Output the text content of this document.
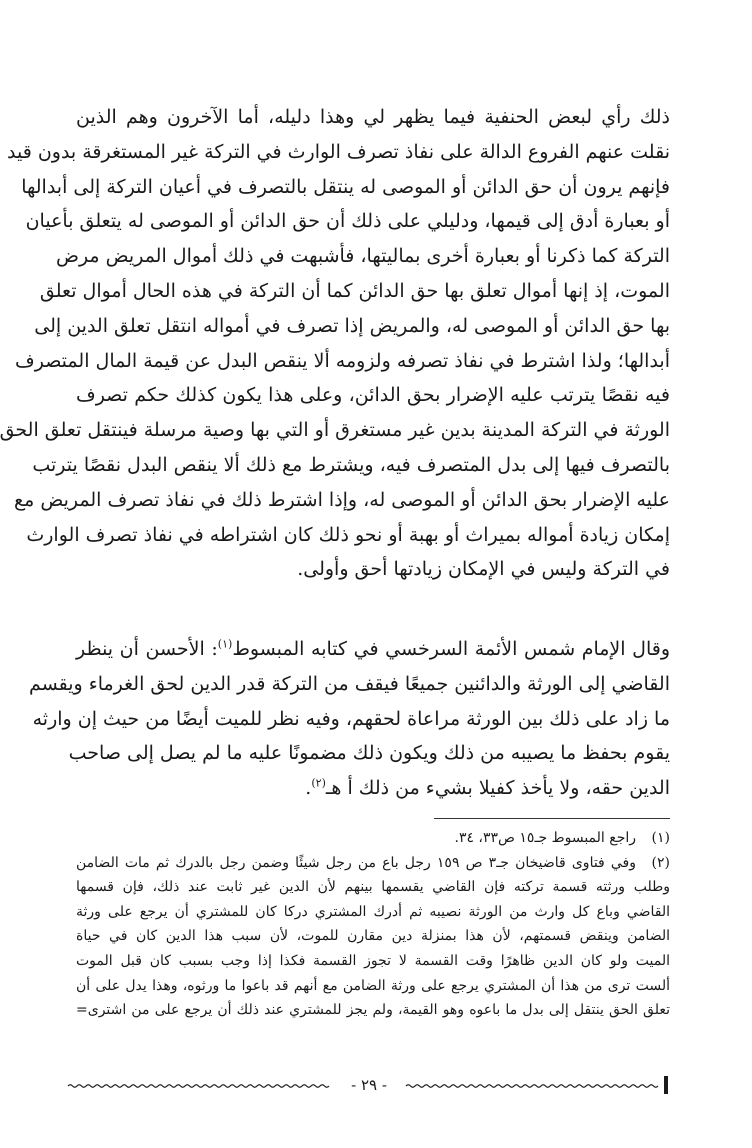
ذلك رأي لبعض الحنفية فيما يظهر لي وهذا دليله، أما الآخرون وهم الذين
نقلت عنهم الفروع الدالة على نفاذ تصرف الوارث في التركة غير المستغرقة بدون قيد
فإنهم يرون أن حق الدائن أو الموصى له ينتقل بالتصرف في أعيان التركة إلى أبدالها
أو بعبارة أدق إلى قيمها، ودليلي على ذلك أن حق الدائن أو الموصى له يتعلق بأعيان
التركة كما ذكرنا أو بعبارة أخرى بماليتها، فأشبهت في ذلك أموال المريض مرض
الموت، إذ إنها أموال تعلق بها حق الدائن كما أن التركة في هذه الحال أموال تعلق
بها حق الدائن أو الموصى له، والمريض إذا تصرف في أمواله انتقل تعلق الدين إلى
أبدالها؛ ولذا اشترط في نفاذ تصرفه ولزومه ألا ينقص البدل عن قيمة المال المتصرف
فيه نقصًا يترتب عليه الإضرار بحق الدائن، وعلى هذا يكون كذلك حكم تصرف
الورثة في التركة المدينة بدين غير مستغرق أو التي بها وصية مرسلة فينتقل تعلق الحق
بالتصرف فيها إلى بدل المتصرف فيه، ويشترط مع ذلك ألا ينقص البدل نقصًا يترتب
عليه الإضرار بحق الدائن أو الموصى له، وإذا اشترط ذلك في نفاذ تصرف المريض مع
إمكان زيادة أمواله بميراث أو بهبة أو نحو ذلك كان اشتراطه في نفاذ تصرف الوارث
في التركة وليس في الإمكان زيادتها أحق وأولى.
وقال الإمام شمس الأئمة السرخسي في كتابه المبسوط$^{(١)}$: الأحسن أن ينظر
القاضي إلى الورثة والدائنين جميعًا فيقف من التركة قدر الدين لحق الغرماء ويقسم
ما زاد على ذلك بين الورثة مراعاة لحقهم، وفيه نظر للميت أيضًا من حيث إن وارثه
يقوم بحفظ ما يصيبه من ذلك ويكون ذلك مضمونًا عليه ما لم يصل إلى صاحب
الدين حقه، ولا يأخذ كفيلا بشيء من ذلك أ هـ$^{(٢)}$.
(١)راجع المبسوط جـ١٥ ص٣٣، ٣٤.
(٢)وفي فتاوى قاضيخان جـ٣ ص ١٥٩ رجل باع من رجل شيئًا وضمن رجل بالدرك ثم مات الضامن
وطلب ورثته قسمة تركته فإن القاضي يقسمها بينهم لأن الدين غير ثابت عند ذلك، فإن قسمها
القاضي وباع كل وارث من الورثة نصيبه ثم أدرك المشتري دركا كان للمشتري أن يرجع على ورثة
الضامن وينقض قسمتهم، لأن هذا بمنزلة دين مقارن للموت، لأن سبب هذا الدين كان في حياة
الميت ولو كان الدين ظاهرًا وقت القسمة لا تجوز القسمة فكذا إذا وجب بسبب كان قبل الموت
ألست ترى من هذا أن المشتري يرجع على ورثة الضامن مع أنهم قد باعوا ما ورثوه، وهذا يدل على أن
تعلق الحق ينتقل إلى بدل ما باعوه وهو القيمة، ولم يجز للمشتري عند ذلك أن يرجع على من اشترى=
- ٢٩ -
